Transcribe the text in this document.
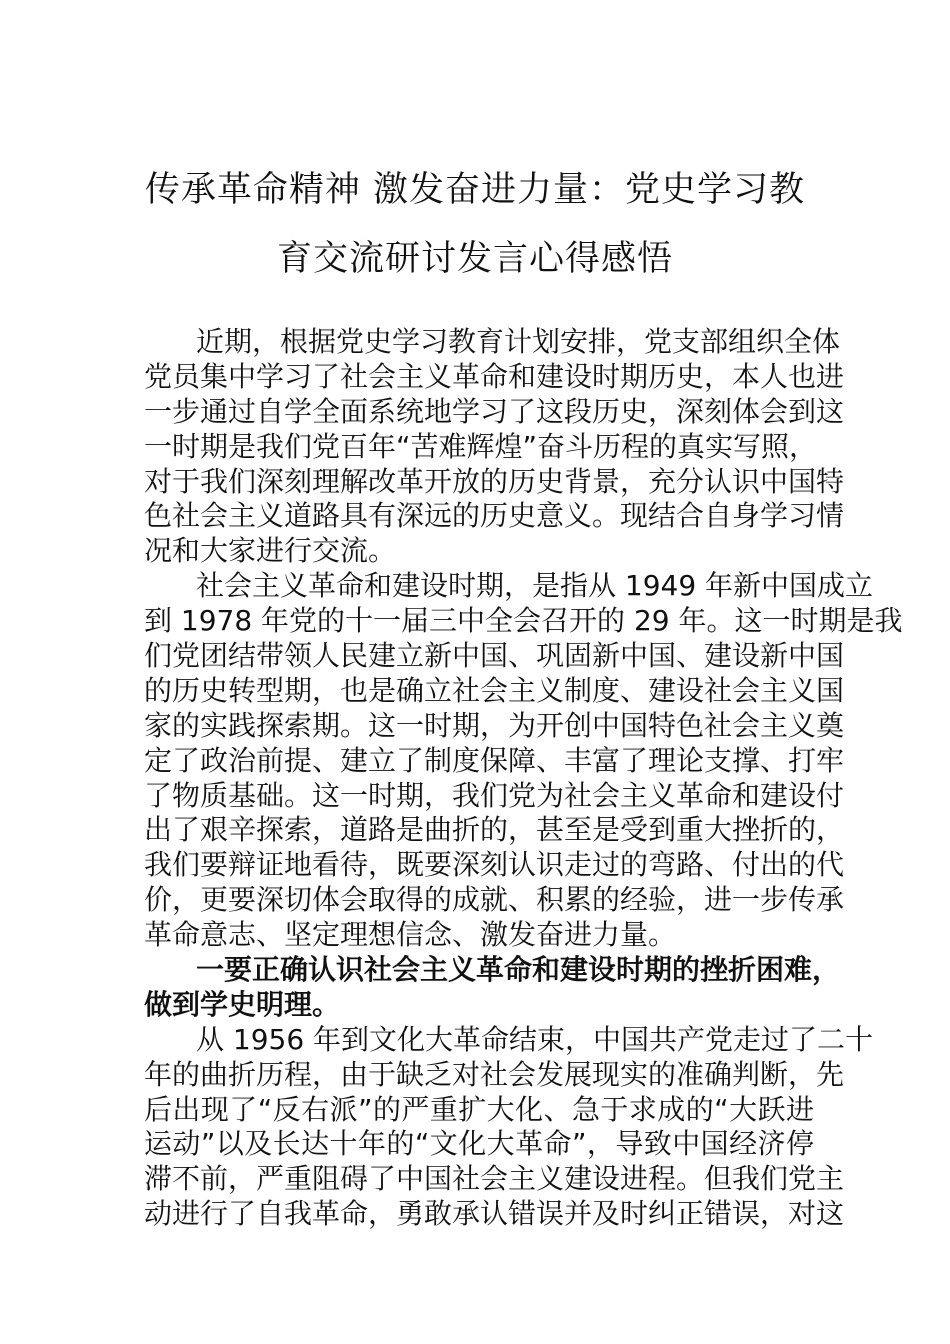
传承革命精神 激发奋进力量：党史学习教
育交流研讨发言心得感悟
近期，根据党史学习教育计划安排，党支部组织全体
党员集中学习了社会主义革命和建设时期历史，本人也进
一步通过自学全面系统地学习了这段历史，深刻体会到这
一时期是我们党百年“苦难辉煌”奋斗历程的真实写照，
对于我们深刻理解改革开放的历史背景，充分认识中国特
色社会主义道路具有深远的历史意义。现结合自身学习情
况和大家进行交流。
社会主义革命和建设时期，是指从 1949 年新中国成立
到 1978 年党的十一届三中全会召开的 29 年。这一时期是我
们党团结带领人民建立新中国、巩固新中国、建设新中国
的历史转型期，也是确立社会主义制度、建设社会主义国
家的实践探索期。这一时期，为开创中国特色社会主义奠
定了政治前提、建立了制度保障、丰富了理论支撑、打牢
了物质基础。这一时期，我们党为社会主义革命和建设付
出了艰辛探索，道路是曲折的，甚至是受到重大挫折的，
我们要辩证地看待，既要深刻认识走过的弯路、付出的代
价，更要深切体会取得的成就、积累的经验，进一步传承
革命意志、坚定理想信念、激发奋进力量。
一要正确认识社会主义革命和建设时期的挫折困难，
做到学史明理。
从 1956 年到文化大革命结束，中国共产党走过了二十
年的曲折历程，由于缺乏对社会发展现实的准确判断，先
后出现了“反右派”的严重扩大化、急于求成的“大跃进
运动”以及长达十年的“文化大革命”，导致中国经济停
滞不前，严重阻碍了中国社会主义建设进程。但我们党主
动进行了自我革命，勇敢承认错误并及时纠正错误，对这
